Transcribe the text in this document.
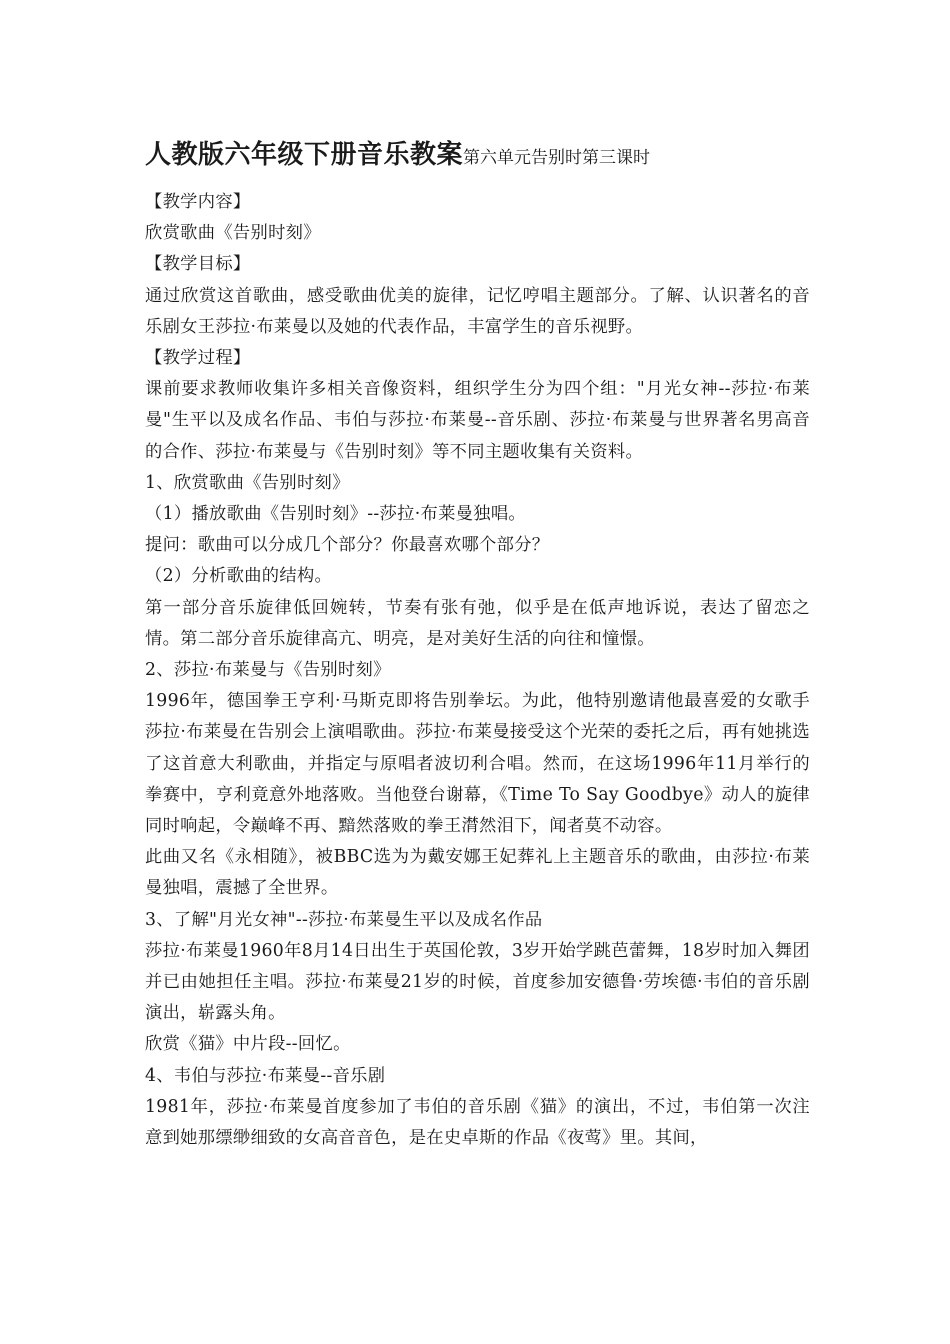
人教版六年级下册音乐教案第六单元告别时第三课时

【教学内容】

欣赏歌曲《告别时刻》

【教学目标】

通过欣赏这首歌曲，感受歌曲优美的旋律，记忆哼唱主题部分。了解、认识著名的音乐剧女王莎拉·布莱曼以及她的代表作品，丰富学生的音乐视野。

【教学过程】

课前要求教师收集许多相关音像资料，组织学生分为四个组："月光女神--莎拉·布莱曼"生平以及成名作品、韦伯与莎拉·布莱曼--音乐剧、莎拉·布莱曼与世界著名男高音的合作、莎拉·布莱曼与《告别时刻》等不同主题收集有关资料。

1、欣赏歌曲《告别时刻》

（1）播放歌曲《告别时刻》--莎拉·布莱曼独唱。

提问：歌曲可以分成几个部分？你最喜欢哪个部分？

（2）分析歌曲的结构。

第一部分音乐旋律低回婉转，节奏有张有弛，似乎是在低声地诉说，表达了留恋之情。第二部分音乐旋律高亢、明亮，是对美好生活的向往和憧憬。

2、莎拉·布莱曼与《告别时刻》

1996年，德国拳王亨利·马斯克即将告别拳坛。为此，他特别邀请他最喜爱的女歌手莎拉·布莱曼在告别会上演唱歌曲。莎拉·布莱曼接受这个光荣的委托之后，再有她挑选了这首意大利歌曲，并指定与原唱者波切利合唱。然而，在这场1996年11月举行的拳赛中，亨利竟意外地落败。当他登台谢幕，《Time To Say Goodbye》动人的旋律同时响起，令巅峰不再、黯然落败的拳王潸然泪下，闻者莫不动容。

此曲又名《永相随》，被BBC选为为戴安娜王妃葬礼上主题音乐的歌曲，由莎拉·布莱曼独唱，震撼了全世界。

3、了解"月光女神"--莎拉·布莱曼生平以及成名作品

莎拉·布莱曼1960年8月14日出生于英国伦敦，3岁开始学跳芭蕾舞，18岁时加入舞团并已由她担任主唱。莎拉·布莱曼21岁的时候，首度参加安德鲁·劳埃德·韦伯的音乐剧演出，崭露头角。

欣赏《猫》中片段--回忆。

4、韦伯与莎拉·布莱曼--音乐剧

1981年，莎拉·布莱曼首度参加了韦伯的音乐剧《猫》的演出，不过，韦伯第一次注意到她那缥缈细致的女高音音色，是在史卓斯的作品《夜莺》里。其间，
